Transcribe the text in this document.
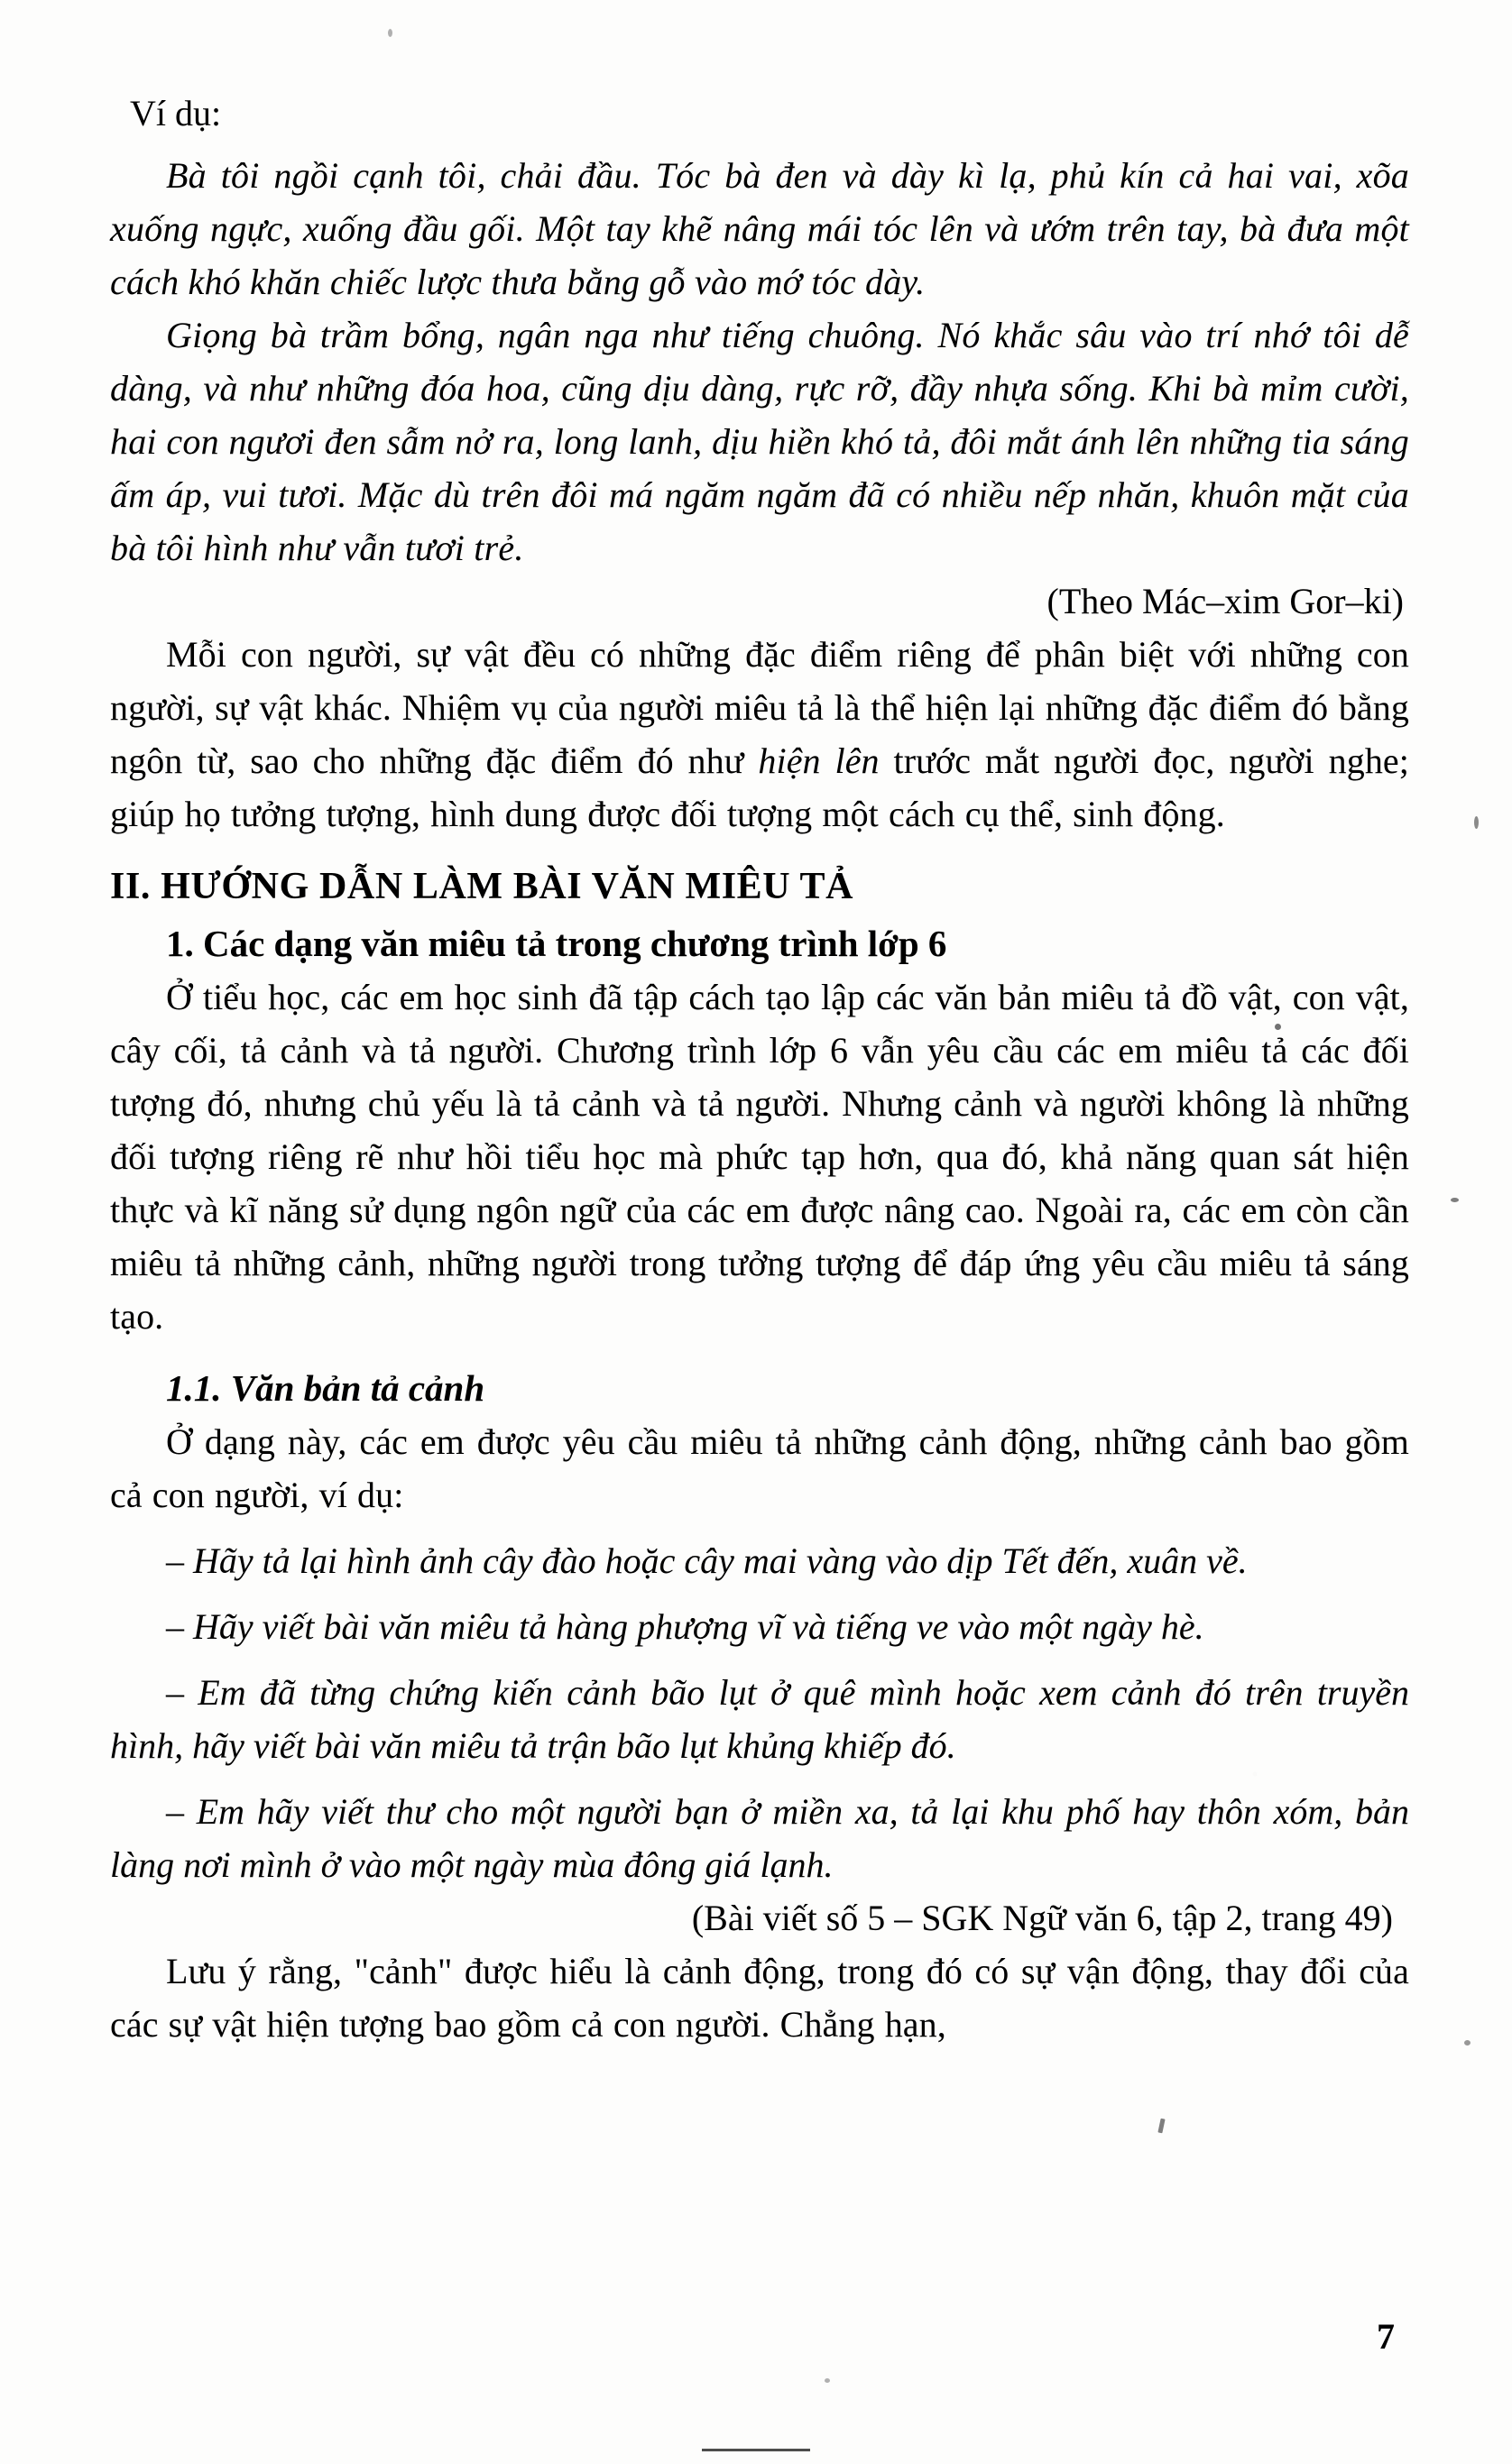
Ví dụ:

Bà tôi ngồi cạnh tôi, chải đầu. Tóc bà đen và dày kì lạ, phủ kín cả hai vai, xõa xuống ngực, xuống đầu gối. Một tay khẽ nâng mái tóc lên và ướm trên tay, bà đưa một cách khó khăn chiếc lược thưa bằng gỗ vào mớ tóc dày.

Giọng bà trầm bổng, ngân nga như tiếng chuông. Nó khắc sâu vào trí nhớ tôi dễ dàng, và như những đóa hoa, cũng dịu dàng, rực rỡ, đầy nhựa sống. Khi bà mỉm cười, hai con ngươi đen sẫm nở ra, long lanh, dịu hiền khó tả, đôi mắt ánh lên những tia sáng ấm áp, vui tươi. Mặc dù trên đôi má ngăm ngăm đã có nhiều nếp nhăn, khuôn mặt của bà tôi hình như vẫn tươi trẻ.

(Theo Mác–xim Gor–ki)

Mỗi con người, sự vật đều có những đặc điểm riêng để phân biệt với những con người, sự vật khác. Nhiệm vụ của người miêu tả là thể hiện lại những đặc điểm đó bằng ngôn từ, sao cho những đặc điểm đó như hiện lên trước mắt người đọc, người nghe; giúp họ tưởng tượng, hình dung được đối tượng một cách cụ thể, sinh động.

II. HƯỚNG DẪN LÀM BÀI VĂN MIÊU TẢ
1. Các dạng văn miêu tả trong chương trình lớp 6

Ở tiểu học, các em học sinh đã tập cách tạo lập các văn bản miêu tả đồ vật, con vật, cây cối, tả cảnh và tả người. Chương trình lớp 6 vẫn yêu cầu các em miêu tả các đối tượng đó, nhưng chủ yếu là tả cảnh và tả người. Nhưng cảnh và người không là những đối tượng riêng rẽ như hồi tiểu học mà phức tạp hơn, qua đó, khả năng quan sát hiện thực và kĩ năng sử dụng ngôn ngữ của các em được nâng cao. Ngoài ra, các em còn cần miêu tả những cảnh, những người trong tưởng tượng để đáp ứng yêu cầu miêu tả sáng tạo.

1.1. Văn bản tả cảnh

Ở dạng này, các em được yêu cầu miêu tả những cảnh động, những cảnh bao gồm cả con người, ví dụ:

– Hãy tả lại hình ảnh cây đào hoặc cây mai vàng vào dịp Tết đến, xuân về.

– Hãy viết bài văn miêu tả hàng phượng vĩ và tiếng ve vào một ngày hè.

– Em đã từng chứng kiến cảnh bão lụt ở quê mình hoặc xem cảnh đó trên truyền hình, hãy viết bài văn miêu tả trận bão lụt khủng khiếp đó.

– Em hãy viết thư cho một người bạn ở miền xa, tả lại khu phố hay thôn xóm, bản làng nơi mình ở vào một ngày mùa đông giá lạnh.

(Bài viết số 5 – SGK Ngữ văn 6, tập 2, trang 49)

Lưu ý rằng, "cảnh" được hiểu là cảnh động, trong đó có sự vận động, thay đổi của các sự vật hiện tượng bao gồm cả con người. Chẳng hạn,

7
